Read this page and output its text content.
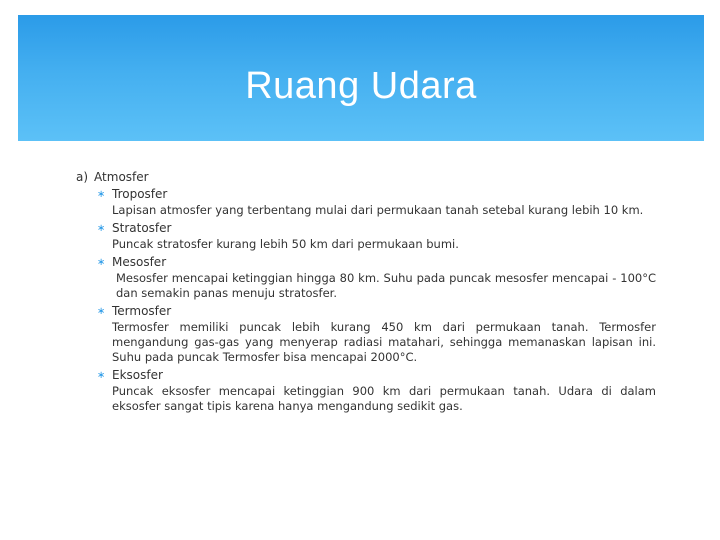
Ruang Udara
a) Atmosfer
∗ Troposfer
Lapisan atmosfer yang terbentang mulai dari permukaan tanah setebal kurang lebih 10 km.
∗ Stratosfer
Puncak stratosfer kurang lebih 50 km dari permukaan bumi.
∗ Mesosfer
Mesosfer mencapai ketinggian hingga 80 km. Suhu pada puncak mesosfer mencapai - 100°C dan semakin panas menuju stratosfer.
∗ Termosfer
Termosfer memiliki puncak lebih kurang 450 km dari permukaan tanah. Termosfer mengandung gas-gas yang menyerap radiasi matahari, sehingga memanaskan lapisan ini. Suhu pada puncak Termosfer bisa mencapai 2000°C.
∗ Eksosfer
Puncak eksosfer mencapai ketinggian 900 km dari permukaan tanah. Udara di dalam eksosfer sangat tipis karena hanya mengandung sedikit gas.
